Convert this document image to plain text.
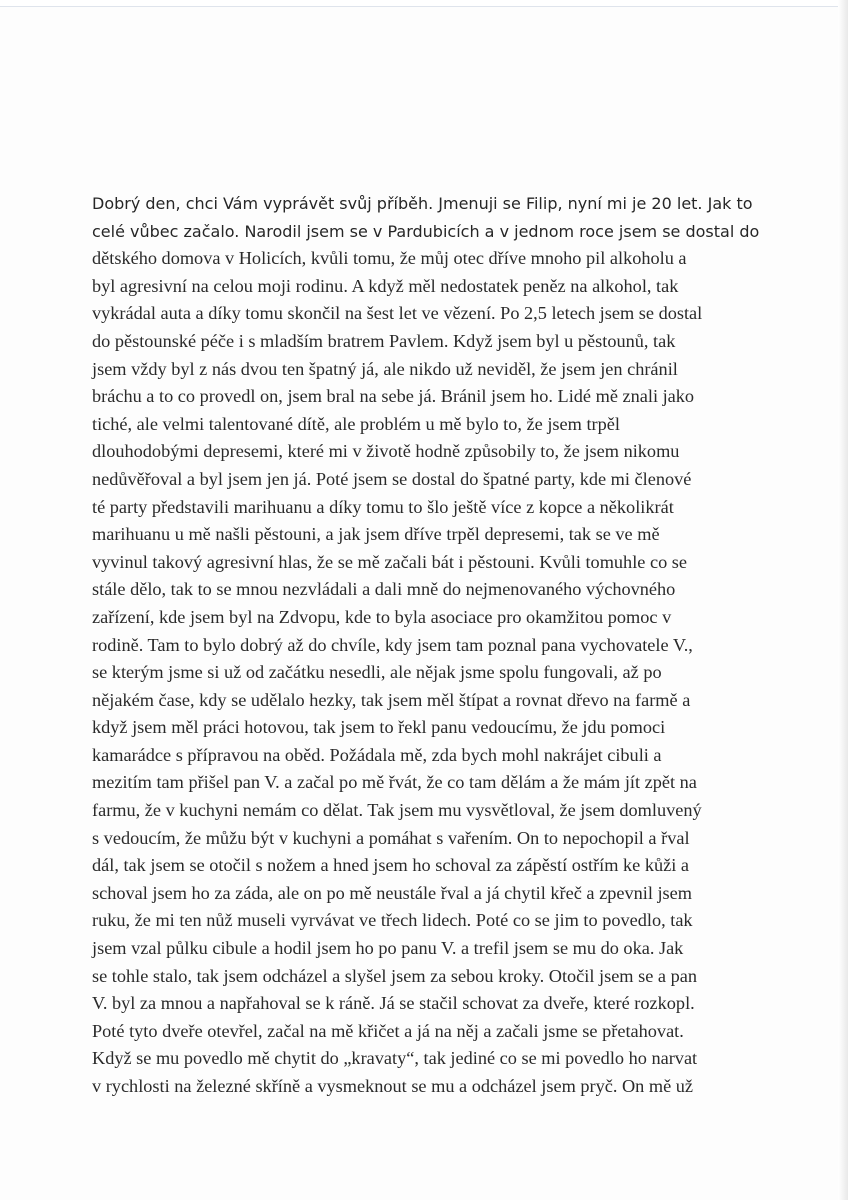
Dobrý den, chci Vám vyprávět svůj příběh. Jmenuji se Filip, nyní mi je 20 let. Jak to
celé vůbec začalo. Narodil jsem se v Pardubicích a v jednom roce jsem se dostal do
dětského domova v Holicích, kvůli tomu, že můj otec dříve mnoho pil alkoholu a
byl agresivní na celou moji rodinu. A když měl nedostatek peněz na alkohol, tak
vykrádal auta a díky tomu skončil na šest let ve vězení. Po 2,5 letech jsem se dostal
do pěstounské péče i s mladším bratrem Pavlem. Když jsem byl u pěstounů, tak
jsem vždy byl z nás dvou ten špatný já, ale nikdo už neviděl, že jsem jen chránil
bráchu a to co provedl on, jsem bral na sebe já. Bránil jsem ho. Lidé mě znali jako
tiché, ale velmi talentované dítě, ale problém u mě bylo to, že jsem trpěl
dlouhodobými depresemi, které mi v životě hodně způsobily to, že jsem nikomu
nedůvěřoval a byl jsem jen já. Poté jsem se dostal do špatné party, kde mi členové
té party představili marihuanu a díky tomu to šlo ještě více z kopce a několikrát
marihuanu u mě našli pěstouni, a jak jsem dříve trpěl depresemi, tak se ve mě
vyvinul takový agresivní hlas, že se mě začali bát i pěstouni. Kvůli tomuhle co se
stále dělo, tak to se mnou nezvládali a dali mně do nejmenovaného výchovného
zařízení, kde jsem byl na Zdvopu, kde to byla asociace pro okamžitou pomoc v
rodině. Tam to bylo dobrý až do chvíle, kdy jsem tam poznal pana vychovatele V.,
se kterým jsme si už od začátku nesedli, ale nějak jsme spolu fungovali, až po
nějakém čase, kdy se udělalo hezky, tak jsem měl štípat a rovnat dřevo na farmě a
když jsem měl práci hotovou, tak jsem to řekl panu vedoucímu, že jdu pomoci
kamarádce s přípravou na oběd. Požádala mě, zda bych mohl nakrájet cibuli a
mezitím tam přišel pan V. a začal po mě řvát, že co tam dělám a že mám jít zpět na
farmu, že v kuchyni nemám co dělat. Tak jsem mu vysvětloval, že jsem domluvený
s vedoucím, že můžu být v kuchyni a pomáhat s vařením. On to nepochopil a řval
dál, tak jsem se otočil s nožem a hned jsem ho schoval za zápěstí ostřím ke kůži a
schoval jsem ho za záda, ale on po mě neustále řval a já chytil křeč a zpevnil jsem
ruku, že mi ten nůž museli vyrvávat ve třech lidech. Poté co se jim to povedlo, tak
jsem vzal půlku cibule a hodil jsem ho po panu V. a trefil jsem se mu do oka. Jak
se tohle stalo, tak jsem odcházel a slyšel jsem za sebou kroky. Otočil jsem se a pan
V. byl za mnou a napřahoval se k ráně. Já se stačil schovat za dveře, které rozkopl.
Poté tyto dveře otevřel, začal na mě křičet a já na něj a začali jsme se přetahovat.
Když se mu povedlo mě chytit do „kravaty“, tak jediné co se mi povedlo ho narvat
v rychlosti na železné skříně a vysmeknout se mu a odcházel jsem pryč. On mě už
